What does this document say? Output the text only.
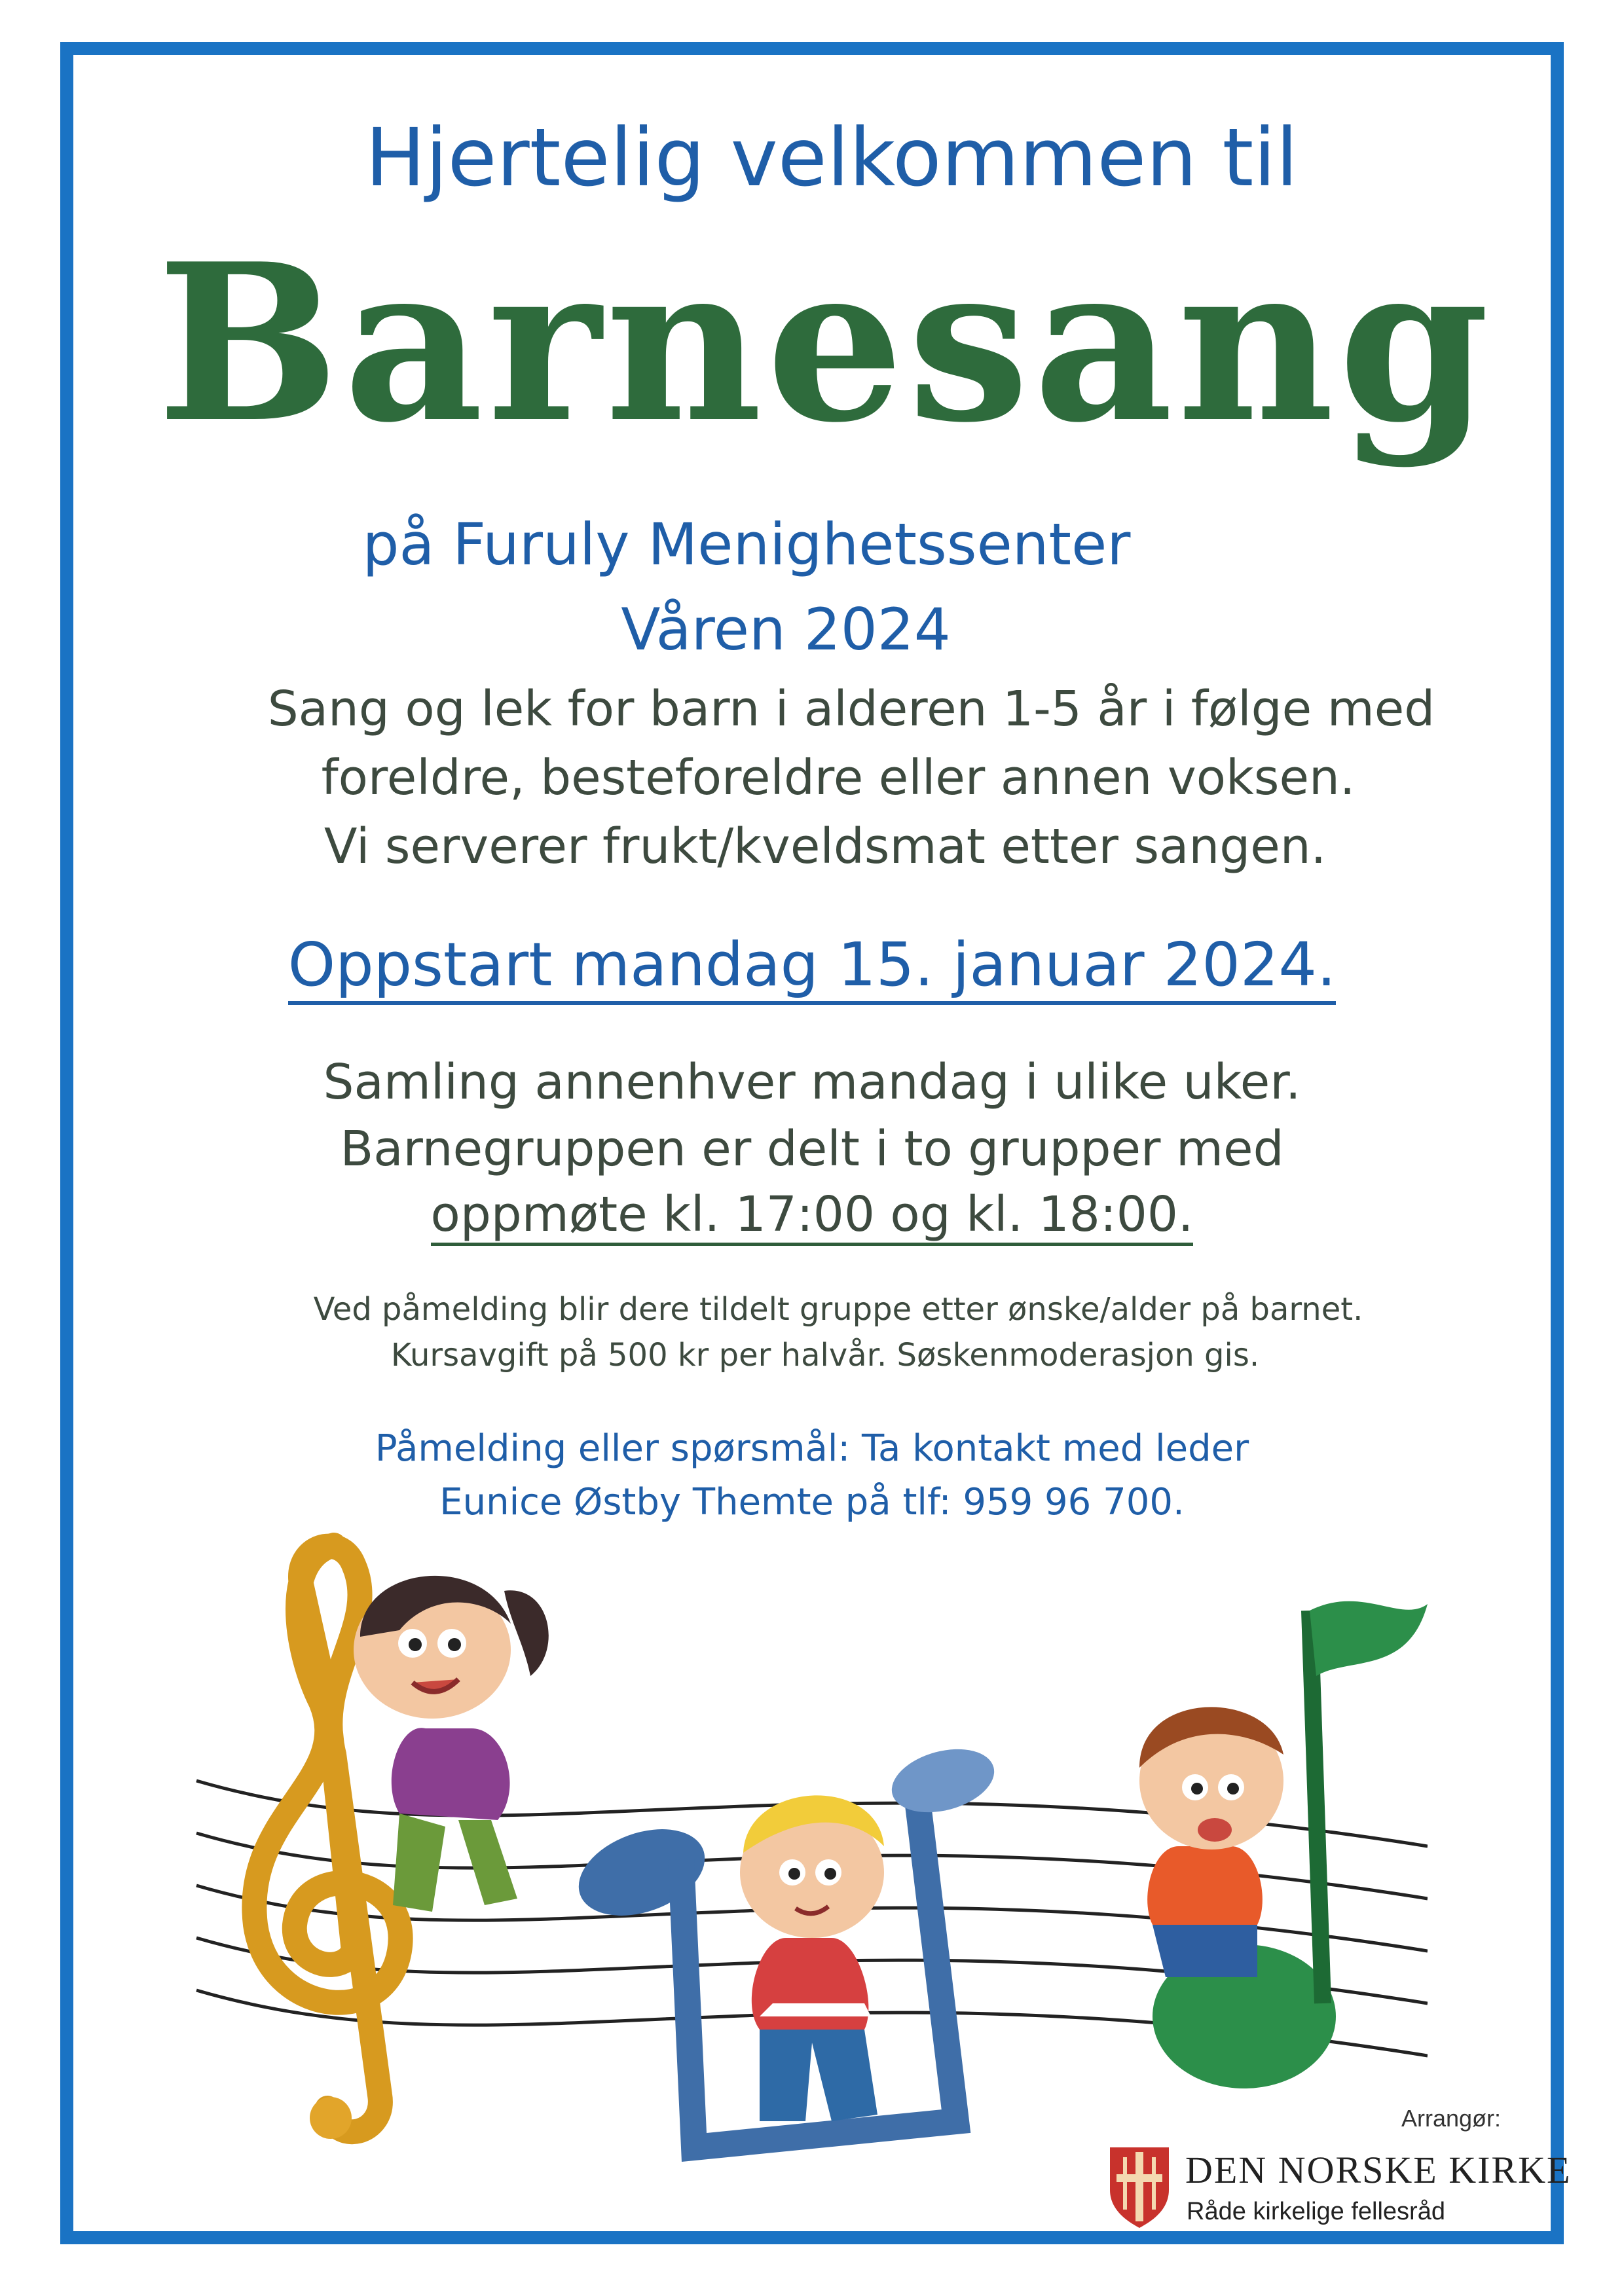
Hjertelig velkommen til
Barnesang
på Furuly Menighetssenter
Våren 2024
Sang og lek for barn i alderen 1-5 år i følge med
foreldre, besteforeldre eller annen voksen.
Vi serverer frukt/kveldsmat etter sangen.
Oppstart mandag 15. januar 2024.
Samling annenhver mandag i ulike uker.
Barnegruppen er delt i to grupper med
oppmøte kl. 17:00 og kl. 18:00.
Ved påmelding blir dere tildelt gruppe etter ønske/alder på barnet.
Kursavgift på 500 kr per halvår. Søskenmoderasjon gis.
Påmelding eller spørsmål: Ta kontakt med leder
Eunice Østby Themte på tlf: 959 96 700.
Arrangør:
DEN NORSKE KIRKE
Råde kirkelige fellesråd
